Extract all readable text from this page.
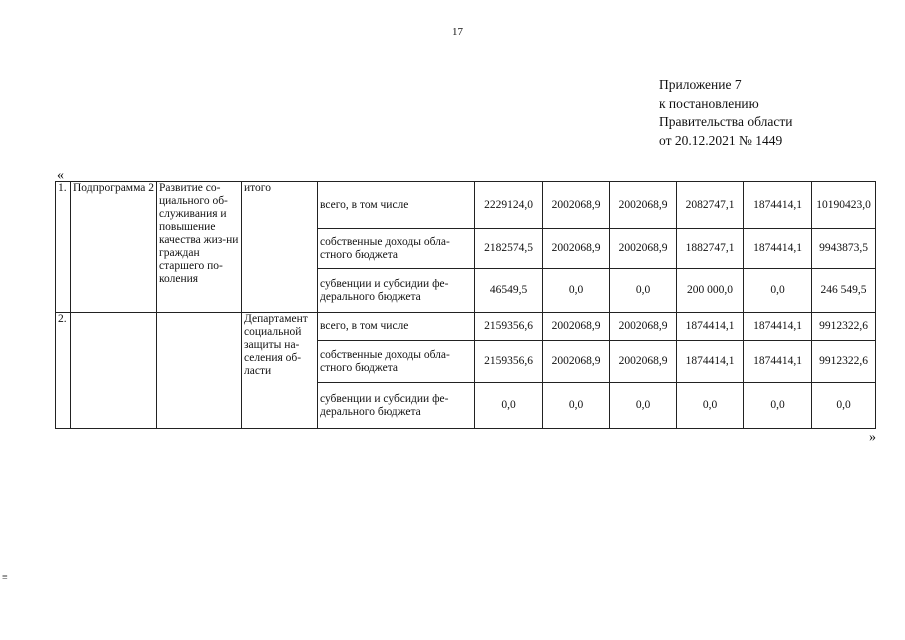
17
Приложение 7
к постановлению
Правительства области
от 20.12.2021 № 1449
«
1.	Подпрограмма 2	Развитие со-циального об-служивания и повышение качества жиз-ни граждан старшего по-коления	итого	всего, в том числе	2229124,0	2002068,9	2002068,9	2082747,1	1874414,1	10190423,0
				собственные доходы обла-стного бюджета	2182574,5	2002068,9	2002068,9	1882747,1	1874414,1	9943873,5
				субвенции и субсидии фе-дерального бюджета	46549,5	0,0	0,0	200 000,0	0,0	246 549,5
2.			Департамент социальной защиты на-селения об-ласти	всего, в том числе	2159356,6	2002068,9	2002068,9	1874414,1	1874414,1	9912322,6
				собственные доходы обла-стного бюджета	2159356,6	2002068,9	2002068,9	1874414,1	1874414,1	9912322,6
				субвенции и субсидии фе-дерального бюджета	0,0	0,0	0,0	0,0	0,0	0,0
»
≡
